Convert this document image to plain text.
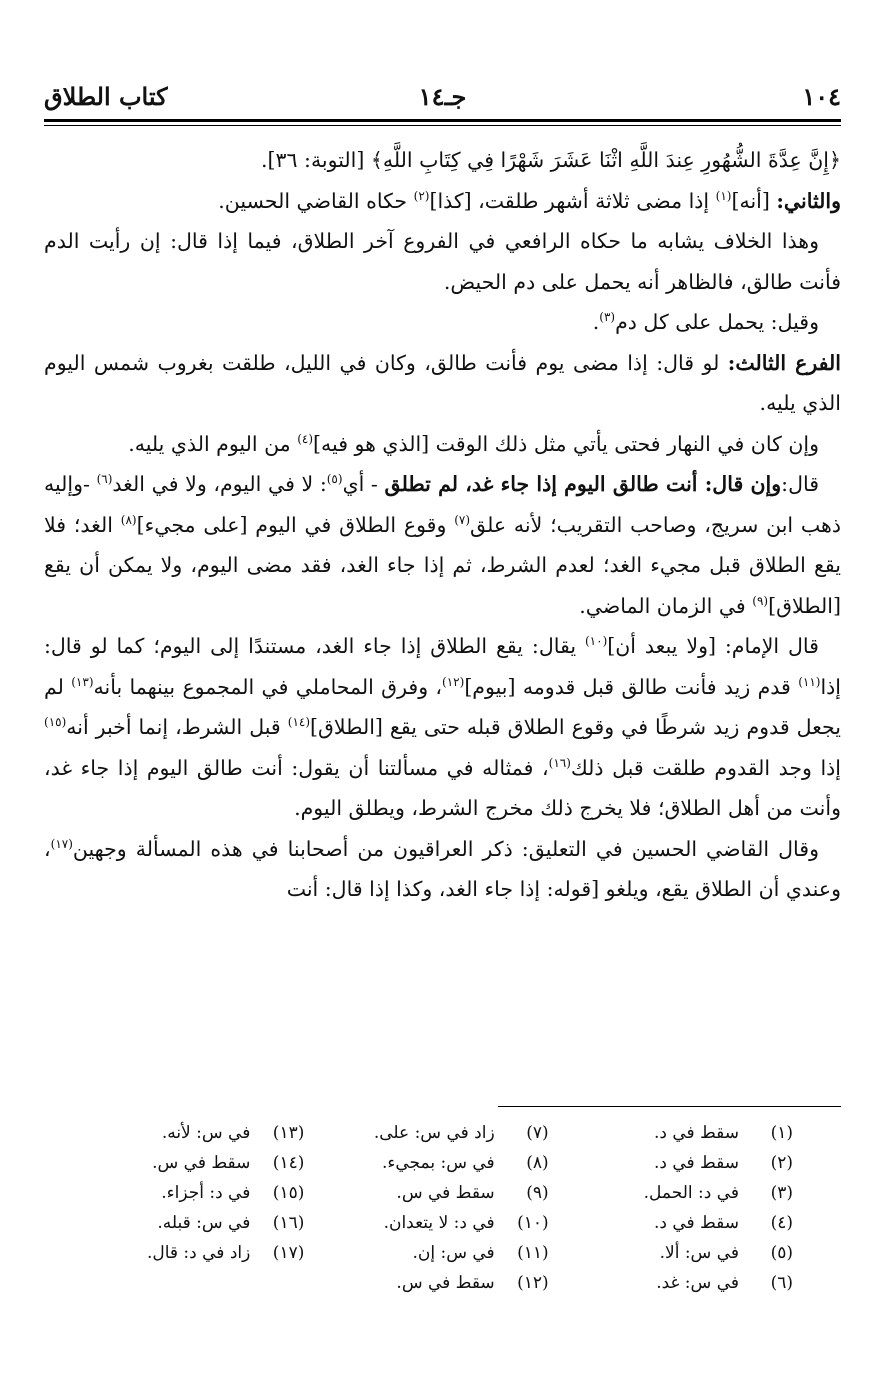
١٠٤
جـ١٤
كتاب الطلاق

﴿إِنَّ عِدَّةَ الشُّهُورِ عِندَ اللَّهِ اثْنَا عَشَرَ شَهْرًا فِي كِتَابِ اللَّهِ﴾ [التوبة: ٣٦].

والثاني: [أنه]$^{(١)}$ إذا مضى ثلاثة أشهر طلقت، [كذا]$^{(٢)}$ حكاه القاضي الحسين.

وهذا الخلاف يشابه ما حكاه الرافعي في الفروع آخر الطلاق، فيما إذا قال: إن رأيت الدم فأنت طالق، فالظاهر أنه يحمل على دم الحيض.

وقيل: يحمل على كل دم$^{(٣)}$.

الفرع الثالث: لو قال: إذا مضى يوم فأنت طالق، وكان في الليل، طلقت بغروب شمس اليوم الذي يليه.

وإن كان في النهار فحتى يأتي مثل ذلك الوقت [الذي هو فيه]$^{(٤)}$ من اليوم الذي يليه.

قال:وإن قال: أنت طالق اليوم إذا جاء غد، لم تطلق - أي$^{(٥)}$: لا في اليوم، ولا في الغد$^{(٦)}$ -وإليه ذهب ابن سريج، وصاحب التقريب؛ لأنه علق$^{(٧)}$ وقوع الطلاق في اليوم [على مجيء]$^{(٨)}$ الغد؛ فلا يقع الطلاق قبل مجيء الغد؛ لعدم الشرط، ثم إذا جاء الغد، فقد مضى اليوم، ولا يمكن أن يقع [الطلاق]$^{(٩)}$ في الزمان الماضي.

قال الإمام: [ولا يبعد أن]$^{(١٠)}$ يقال: يقع الطلاق إذا جاء الغد، مستندًا إلى اليوم؛ كما لو قال: إذا$^{(١١)}$ قدم زيد فأنت طالق قبل قدومه [بيوم]$^{(١٢)}$، وفرق المحاملي في المجموع بينهما بأنه$^{(١٣)}$ لم يجعل قدوم زيد شرطًا في وقوع الطلاق قبله حتى يقع [الطلاق]$^{(١٤)}$ قبل الشرط، إنما أخبر أنه$^{(١٥)}$ إذا وجد القدوم طلقت قبل ذلك$^{(١٦)}$، فمثاله في مسألتنا أن يقول: أنت طالق اليوم إذا جاء غد، وأنت من أهل الطلاق؛ فلا يخرج ذلك مخرج الشرط، ويطلق اليوم.

وقال القاضي الحسين في التعليق: ذكر العراقيون من أصحابنا في هذه المسألة وجهين$^{(١٧)}$، وعندي أن الطلاق يقع، ويلغو [قوله: إذا جاء الغد، وكذا إذا قال: أنت

(١)سقط في د.
(٢)سقط في د.
(٣)في د: الحمل.
(٤)سقط في د.
(٥)في س: ألا.
(٦)في س: غد.
(٧)زاد في س: على.
(٨)في س: بمجيء.
(٩)سقط في س.
(١٠)في د: لا يتعدان.
(١١)في س: إن.
(١٢)سقط في س.
(١٣)في س: لأنه.
(١٤)سقط في س.
(١٥)في د: أجزاء.
(١٦)في س: قبله.
(١٧)زاد في د: قال.
